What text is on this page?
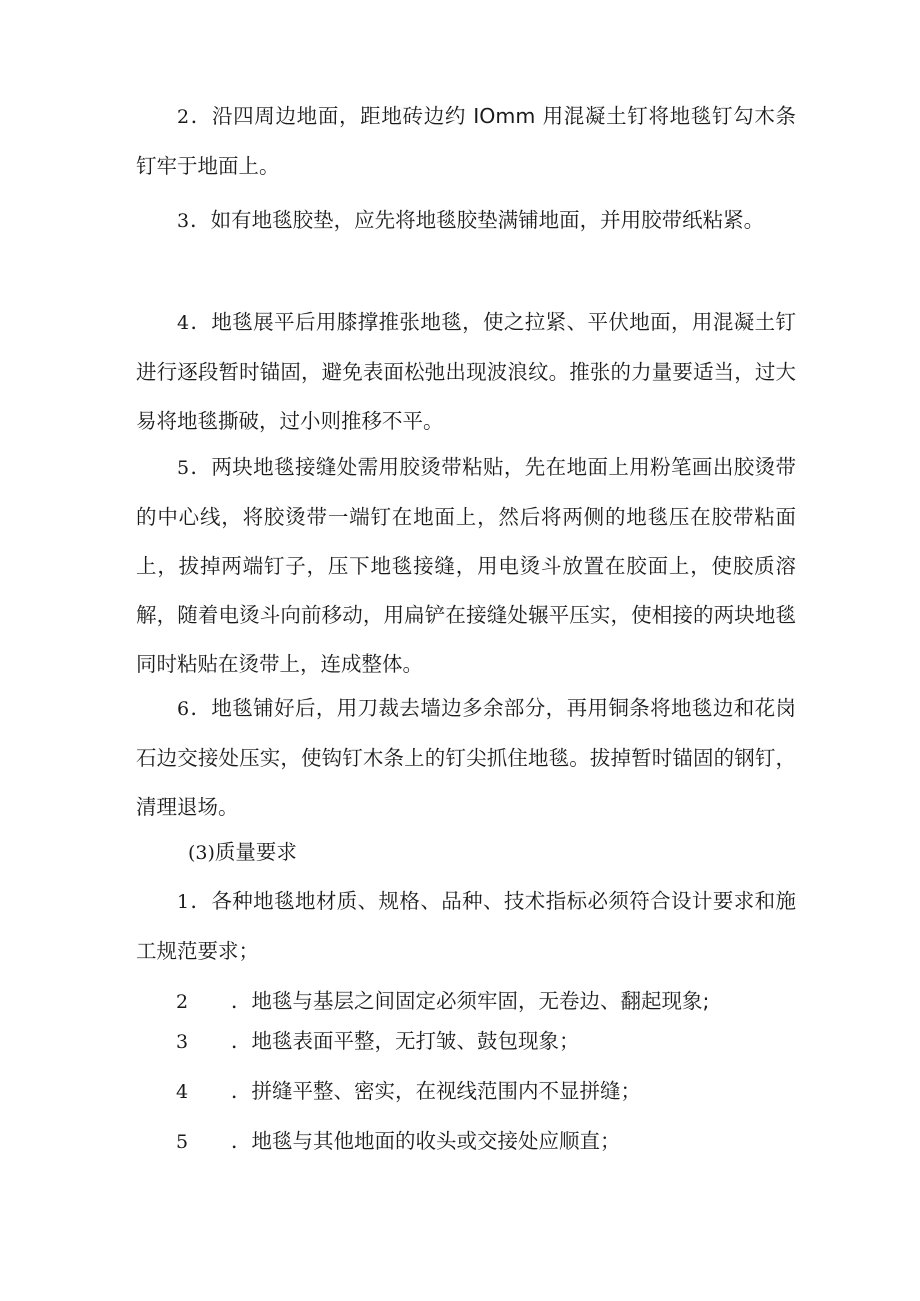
2．沿四周边地面，距地砖边约 IOmm 用混凝土钉将地毯钉勾木条钉牢于地面上。

3．如有地毯胶垫，应先将地毯胶垫满铺地面，并用胶带纸粘紧。

4．地毯展平后用膝撑推张地毯，使之拉紧、平伏地面，用混凝土钉进行逐段暂时锚固，避免表面松弛出现波浪纹。推张的力量要适当，过大易将地毯撕破，过小则推移不平。

5．两块地毯接缝处需用胶烫带粘贴，先在地面上用粉笔画出胶烫带的中心线，将胶烫带一端钉在地面上，然后将两侧的地毯压在胶带粘面上，拔掉两端钉子，压下地毯接缝，用电烫斗放置在胶面上，使胶质溶解，随着电烫斗向前移动，用扁铲在接缝处辗平压实，使相接的两块地毯同时粘贴在烫带上，连成整体。

6．地毯铺好后，用刀裁去墙边多余部分，再用铜条将地毯边和花岗石边交接处压实，使钩钉木条上的钉尖抓住地毯。拔掉暂时锚固的钢钉，清理退场。

(3)质量要求

1．各种地毯地材质、规格、品种、技术指标必须符合设计要求和施工规范要求；

2 ．地毯与基层之间固定必须牢固，无卷边、翻起现象;

3 ．地毯表面平整，无打皱、鼓包现象；

4 ．拼缝平整、密实，在视线范围内不显拼缝；

5 ．地毯与其他地面的收头或交接处应顺直；
